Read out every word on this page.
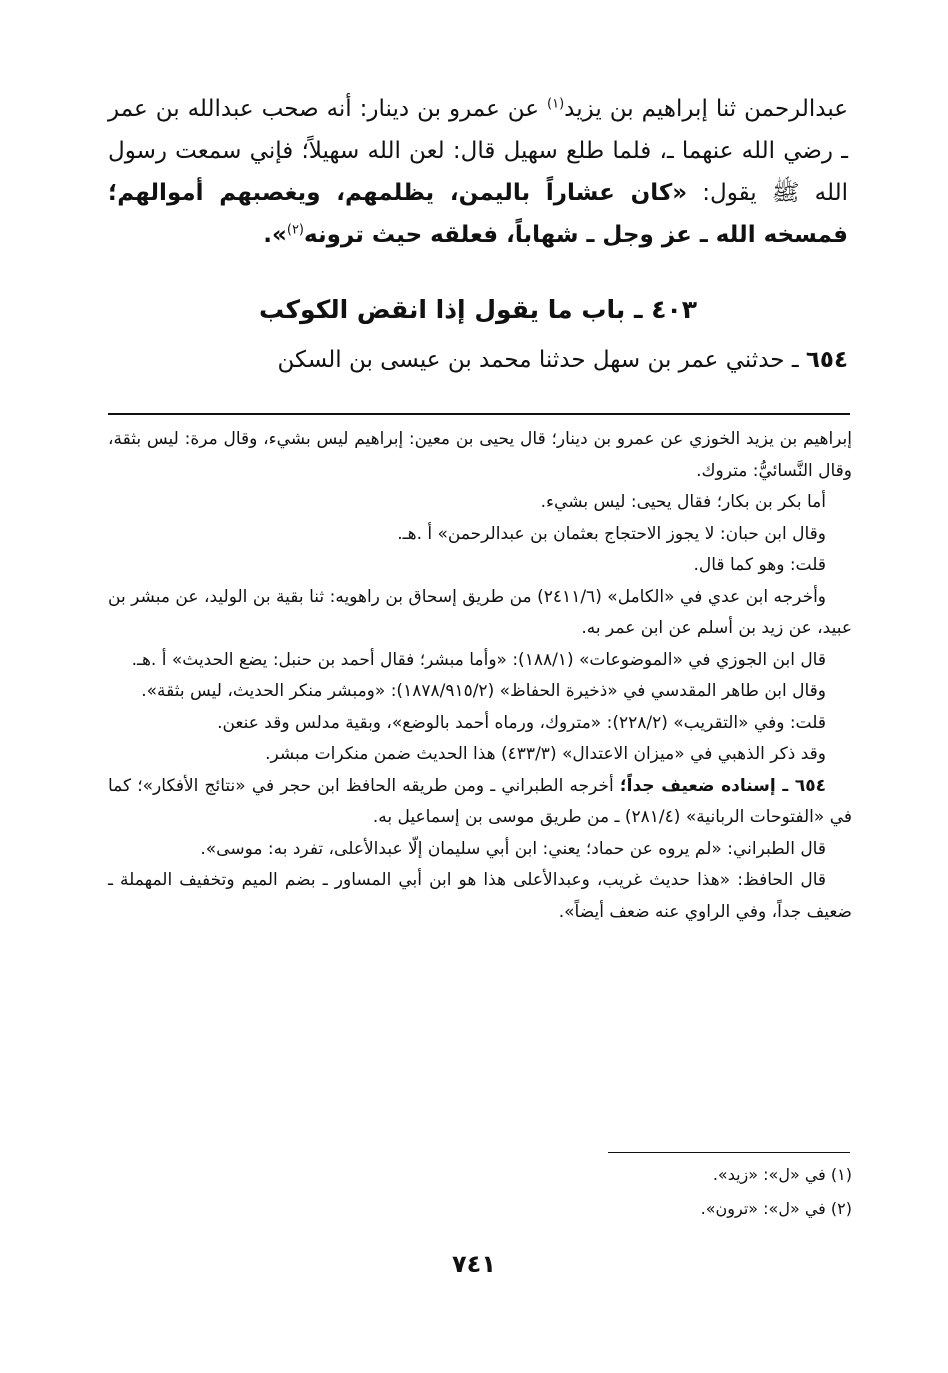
عبدالرحمن ثنا إبراهيم بن يزيد$^{(١)}$ عن عمرو بن دينار: أنه صحب عبدالله بن عمر ـ رضي الله عنهما ـ، فلما طلع سهيل قال: لعن الله سهيلاً؛ فإني سمعت رسول الله ﷺ يقول: «كان عشاراً باليمن، يظلمهم، ويغصبهم أموالهم؛ فمسخه الله ـ عز وجل ـ شهاباً، فعلقه حيث ترونه$^{(٢)}$».

٤٠٣ ـ باب ما يقول إذا انقض الكوكب
٦٥٤ ـ حدثني عمر بن سهل حدثنا محمد بن عيسى بن السكن

إبراهيم بن يزيد الخوزي عن عمرو بن دينار؛ قال يحيى بن معين: إبراهيم ليس بشيء، وقال مرة: ليس بثقة، وقال النَّسائيُّ: متروك.

أما بكر بن بكار؛ فقال يحيى: ليس بشيء.

وقال ابن حبان: لا يجوز الاحتجاج بعثمان بن عبدالرحمن» أ .هـ.

قلت: وهو كما قال.

وأخرجه ابن عدي في «الكامل» (٢٤١١/٦) من طريق إسحاق بن راهويه: ثنا بقية بن الوليد، عن مبشر بن عبيد، عن زيد بن أسلم عن ابن عمر به.

قال ابن الجوزي في «الموضوعات» (١٨٨/١): «وأما مبشر؛ فقال أحمد بن حنبل: يضع الحديث» أ .هـ.

وقال ابن طاهر المقدسي في «ذخيرة الحفاظ» (١٨٧٨/٩١٥/٢): «ومبشر منكر الحديث، ليس بثقة».

قلت: وفي «التقريب» (٢٢٨/٢): «متروك، ورماه أحمد بالوضع»، وبقية مدلس وقد عنعن.

وقد ذكر الذهبي في «ميزان الاعتدال» (٤٣٣/٣) هذا الحديث ضمن منكرات مبشر.

٦٥٤ ـ إسناده ضعيف جداً؛ أخرجه الطبراني ـ ومن طريقه الحافظ ابن حجر في «نتائج الأفكار»؛ كما في «الفتوحات الربانية» (٢٨١/٤) ـ من طريق موسى بن إسماعيل به.

قال الطبراني: «لم يروه عن حماد؛ يعني: ابن أبي سليمان إلّا عبدالأعلى، تفرد به: موسى».

قال الحافظ: «هذا حديث غريب، وعبدالأعلى هذا هو ابن أبي المساور ـ بضم الميم وتخفيف المهملة ـ ضعيف جداً، وفي الراوي عنه ضعف أيضاً».

(١) في «ل»: «زيد».

(٢) في «ل»: «ترون».

٧٤١
